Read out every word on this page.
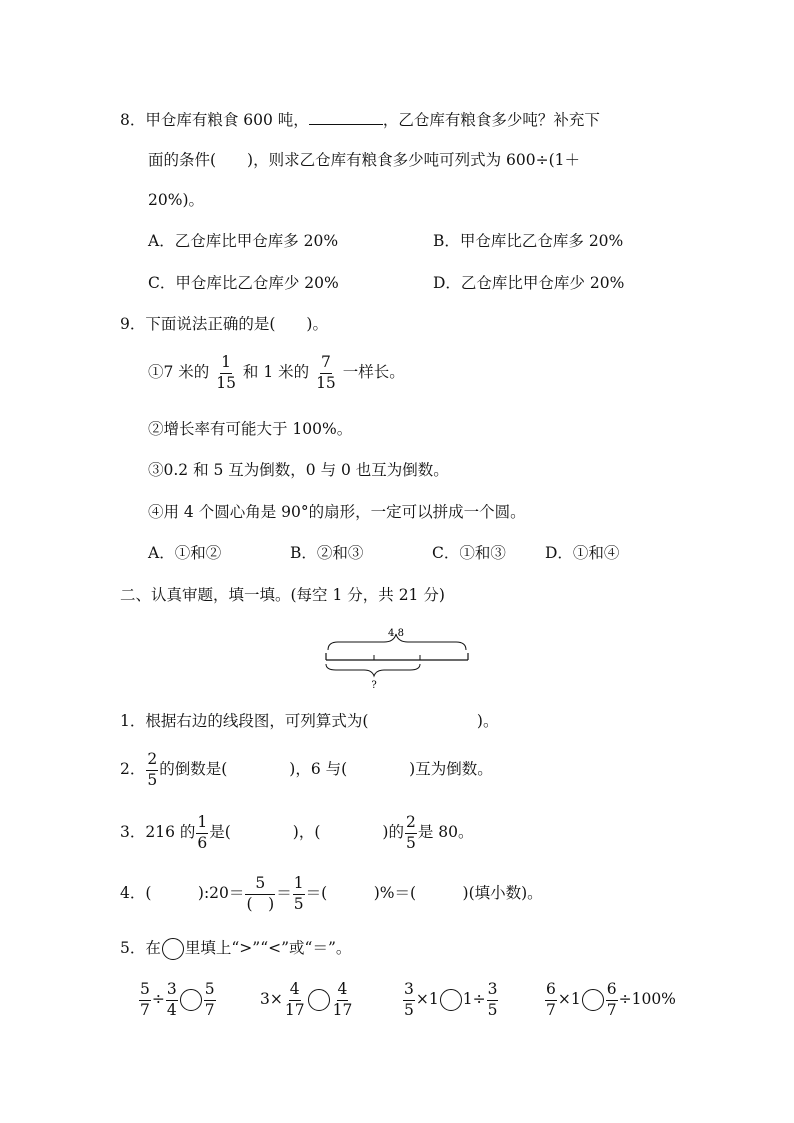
8．甲仓库有粮食 600 吨，	，乙仓库有粮食多少吨？补充下
面的条件(　　)，则求乙仓库有粮食多少吨可列式为 600÷(1＋
20%)。
A．乙仓库比甲仓库多 20%	B．甲仓库比乙仓库多 20%
C．甲仓库比乙仓库少 20%	D．乙仓库比甲仓库少 20%
9．下面说法正确的是(　　)。
①7 米的 $\frac{1}{15}$ 和 1 米的 $\frac{7}{15}$ 一样长。
②增长率有可能大于 100%。
③0.2 和 5 互为倒数，0 与 0 也互为倒数。
④用 4 个圆心角是 90°的扇形，一定可以拼成一个圆。
A．①和②	B．②和③	C．①和③	D．①和④
二、认真审题，填一填。(每空 1 分，共 21 分)
4.8
?
1．根据右边的线段图，可列算式为(　　　　　　　)。
2． $\frac{2}{5}$ 的倒数是(　　　　)，6 与(　　　　)互为倒数。
3．216 的 $\frac{1}{6}$ 是(　　　　)，(　　　　)的 $\frac{2}{5}$ 是 80。
4．(　　　):20＝ $\frac{5}{( )} = \frac{1}{5}$ ＝(　　　)%＝(　　　)(填小数)。
5．在 里填上“>”“<”或“＝”。
$\frac{5}{7} \div \frac{3}{4} \frac{5}{7}$	$3\times \frac{4}{17} \frac{4}{17}$	$\frac{3}{5} \times 1$ $1\div \frac{3}{5}$	$\frac{6}{7} \times 1 \frac{6}{7} \div 100\%$
